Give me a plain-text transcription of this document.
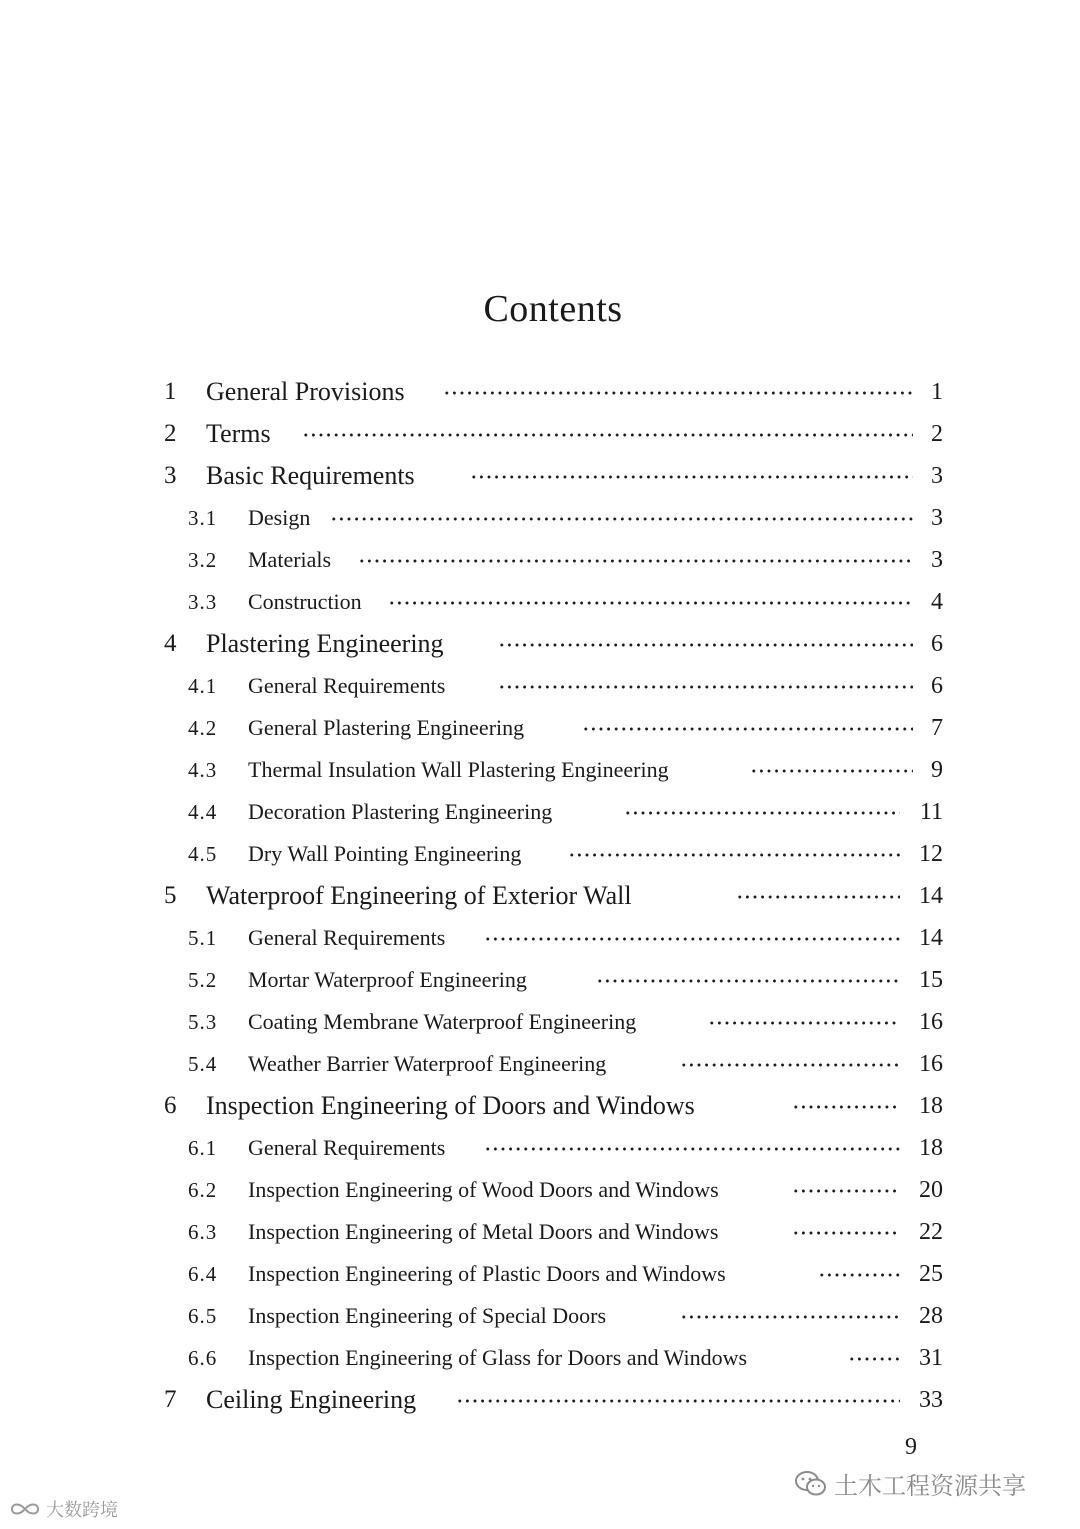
Contents
1 General Provisions	1
2 Terms	2
3 Basic Requirements	3
3.1 Design	3
3.2 Materials	3
3.3 Construction	4
4 Plastering Engineering	6
4.1 General Requirements	6
4.2 General Plastering Engineering	7
4.3 Thermal Insulation Wall Plastering Engineering	9
4.4 Decoration Plastering Engineering	11
4.5 Dry Wall Pointing Engineering	12
5 Waterproof Engineering of Exterior Wall	14
5.1 General Requirements	14
5.2 Mortar Waterproof Engineering	15
5.3 Coating Membrane Waterproof Engineering	16
5.4 Weather Barrier Waterproof Engineering	16
6 Inspection Engineering of Doors and Windows	18
6.1 General Requirements	18
6.2 Inspection Engineering of Wood Doors and Windows	20
6.3 Inspection Engineering of Metal Doors and Windows	22
6.4 Inspection Engineering of Plastic Doors and Windows	25
6.5 Inspection Engineering of Special Doors	28
6.6 Inspection Engineering of Glass for Doors and Windows	31
7 Ceiling Engineering	33
9
大数跨境
土木工程资源共享
